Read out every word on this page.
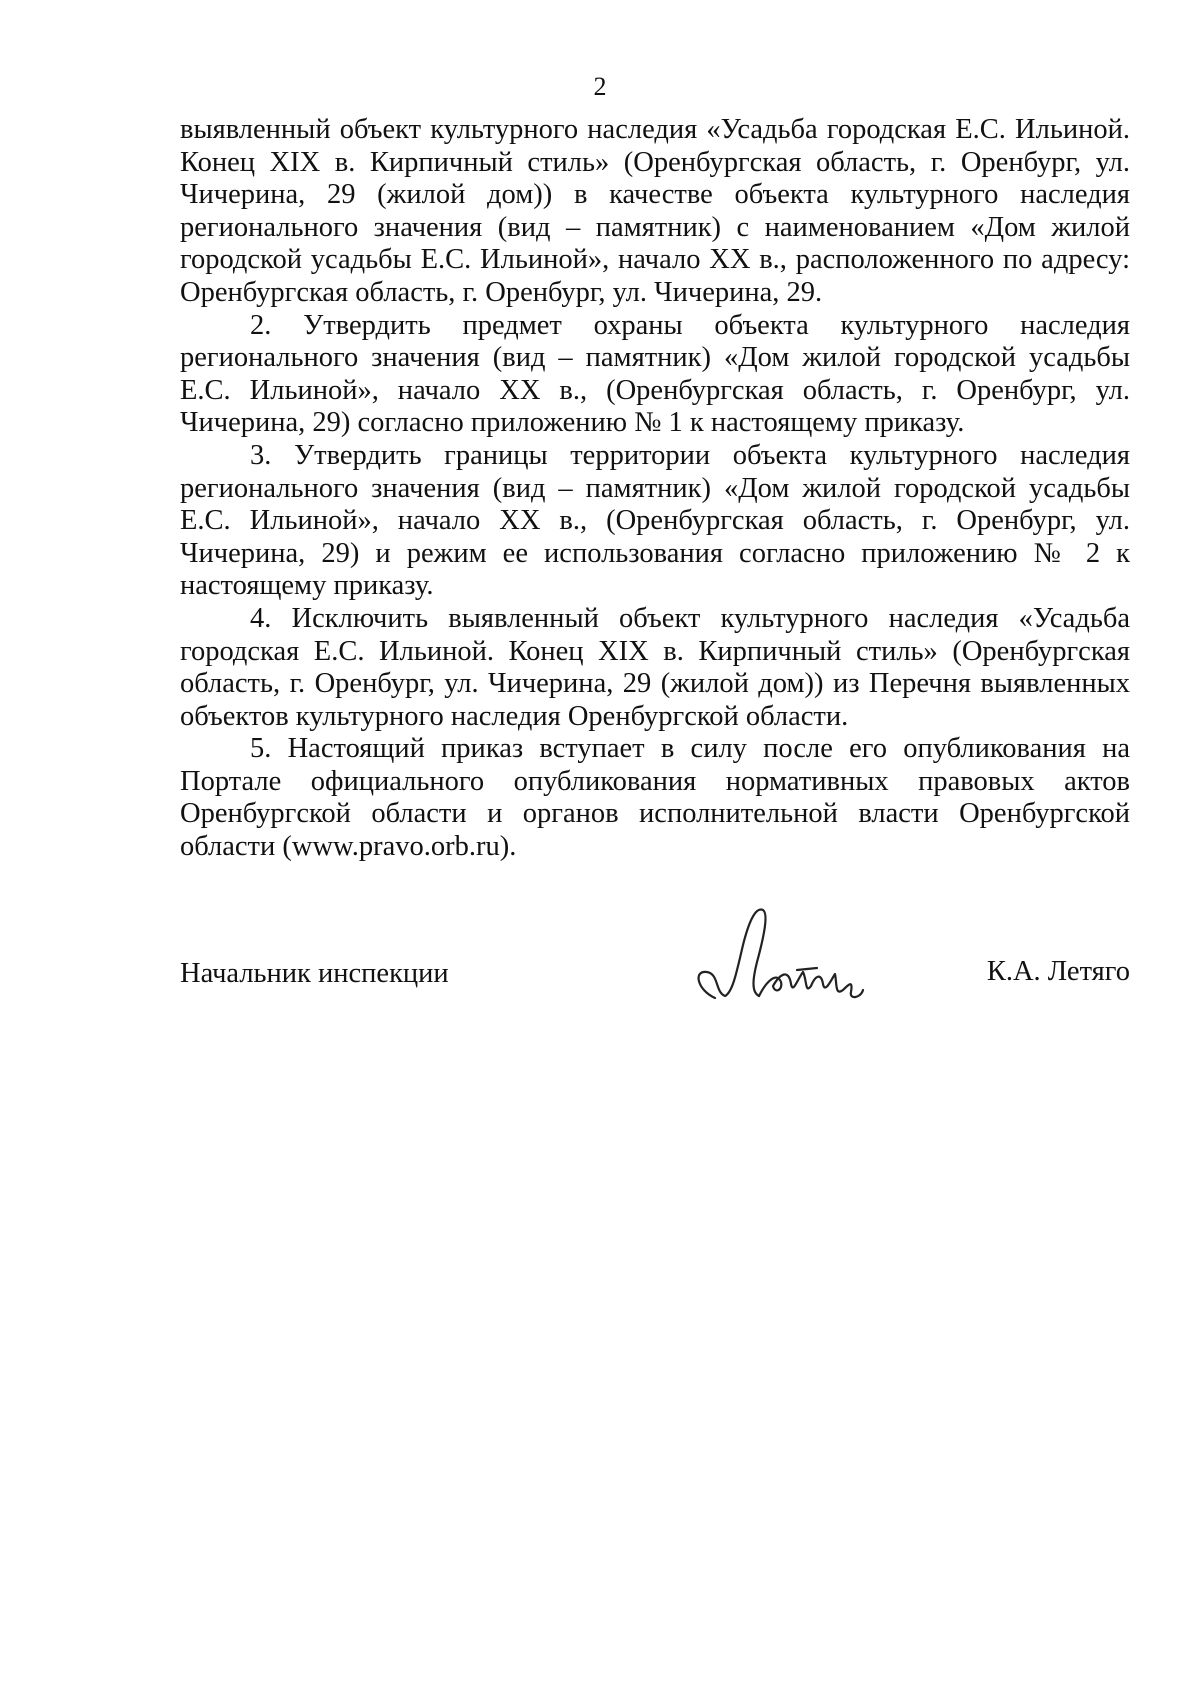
2

выявленный объект культурного наследия «Усадьба городская Е.С. Ильиной. Конец XIX в. Кирпичный стиль» (Оренбургская область, г. Оренбург, ул. Чичерина, 29 (жилой дом)) в качестве объекта культурного наследия регионального значения (вид – памятник) с наименованием «Дом жилой городской усадьбы Е.С. Ильиной», начало XX в., расположенного по адресу: Оренбургская область, г. Оренбург, ул. Чичерина, 29.

2. Утвердить предмет охраны объекта культурного наследия регионального значения (вид – памятник) «Дом жилой городской усадьбы Е.С. Ильиной», начало XX в., (Оренбургская область, г. Оренбург, ул. Чичерина, 29) согласно приложению № 1 к настоящему приказу.

3. Утвердить границы территории объекта культурного наследия регионального значения (вид – памятник) «Дом жилой городской усадьбы Е.С. Ильиной», начало XX в., (Оренбургская область, г. Оренбург, ул. Чичерина, 29) и режим ее использования согласно приложению № 2 к настоящему приказу.

4. Исключить выявленный объект культурного наследия «Усадьба городская Е.С. Ильиной. Конец XIX в. Кирпичный стиль» (Оренбургская область, г. Оренбург, ул. Чичерина, 29 (жилой дом)) из Перечня выявленных объектов культурного наследия Оренбургской области.

5. Настоящий приказ вступает в силу после его опубликования на Портале официального опубликования нормативных правовых актов Оренбургской области и органов исполнительной власти Оренбургской области (www.pravo.orb.ru).

Начальник инспекции	К.А. Летяго
